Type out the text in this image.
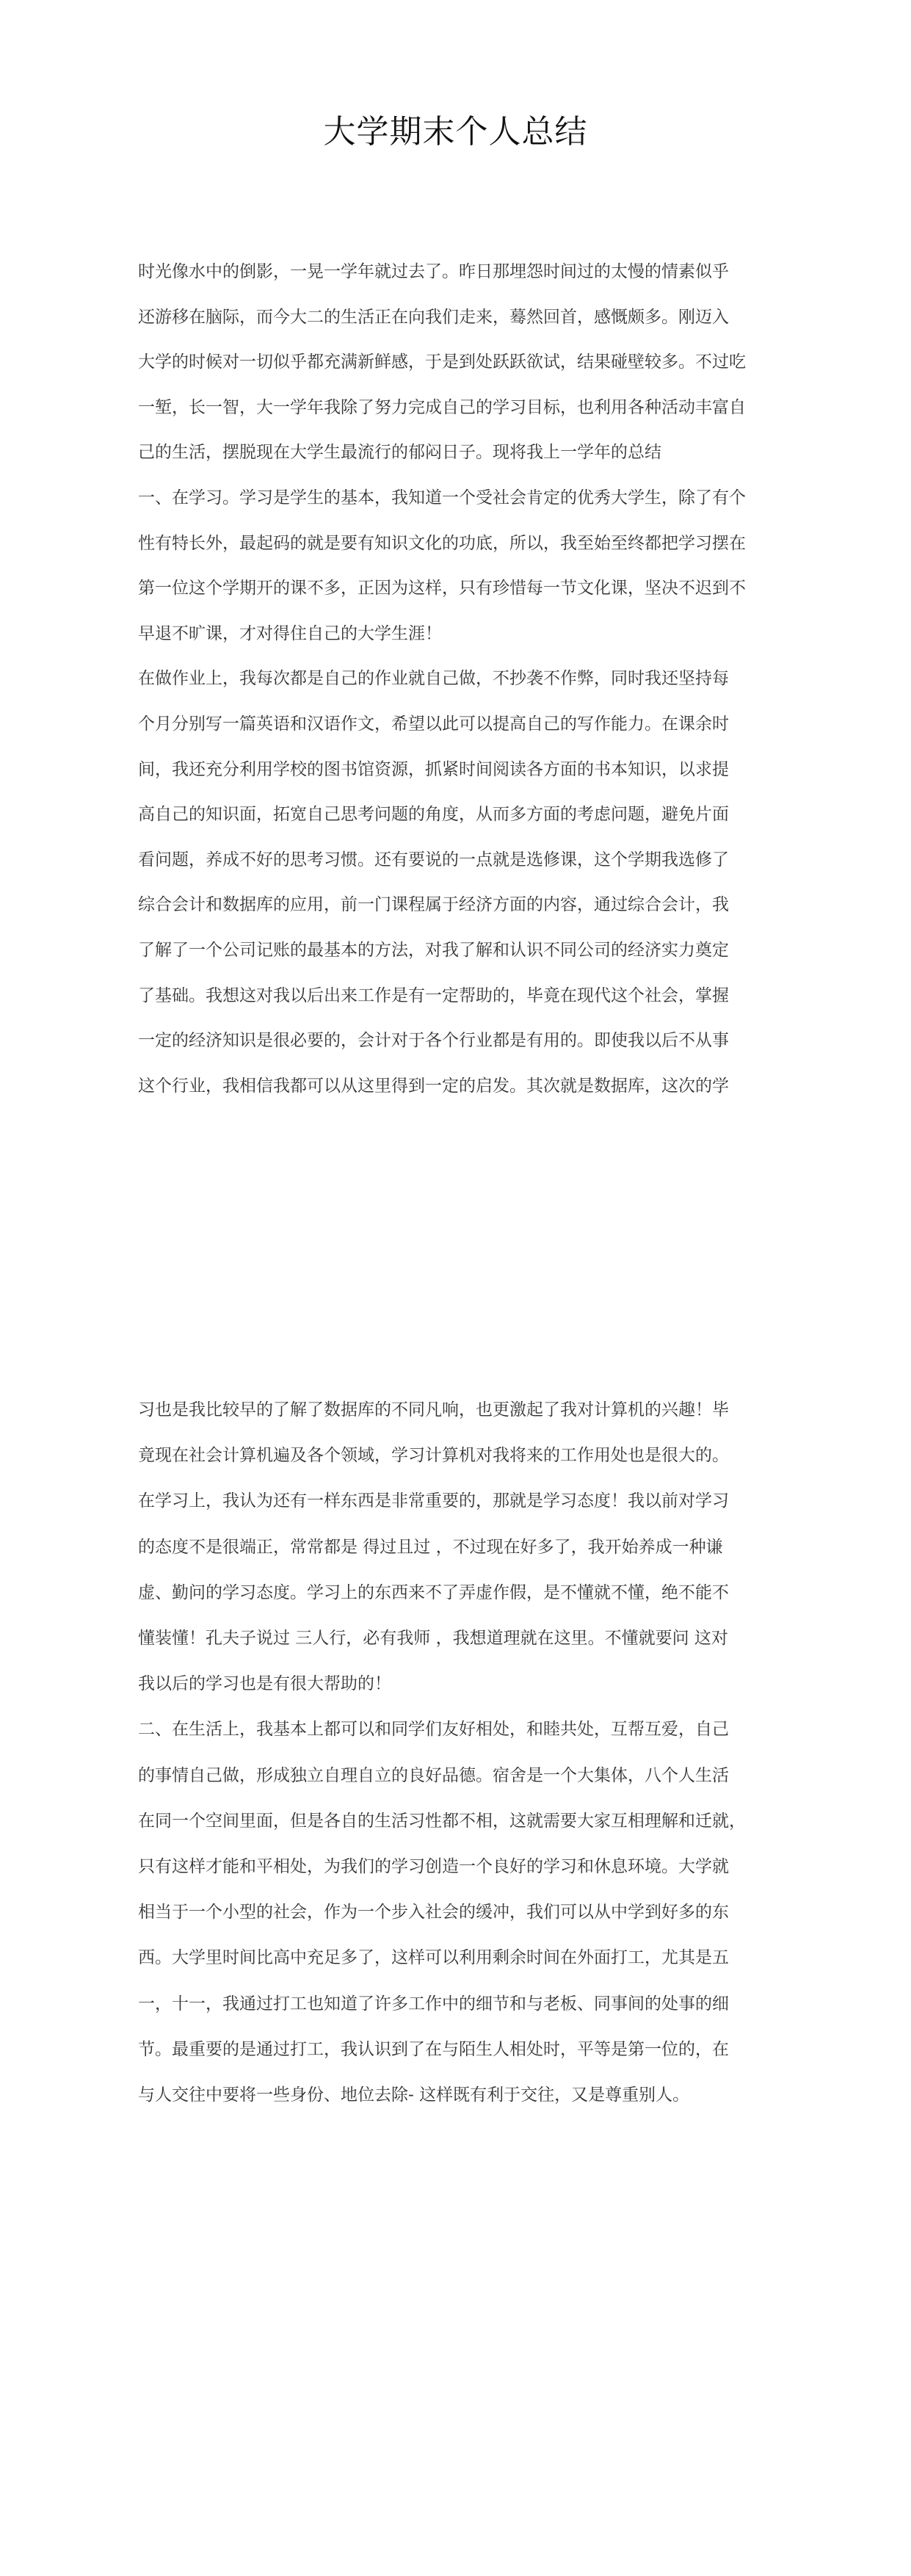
大学期末个人总结
时光像水中的倒影，一晃一学年就过去了。昨日那埋怨时间过的太慢的情素似乎
还游移在脑际，而今大二的生活正在向我们走来，蓦然回首，感慨颇多。刚迈入
大学的时候对一切似乎都充满新鲜感，于是到处跃跃欲试，结果碰壁较多。不过吃
一堑，长一智，大一学年我除了努力完成自己的学习目标，也利用各种活动丰富自
己的生活，摆脱现在大学生最流行的郁闷日子。现将我上一学年的总结
一、在学习。学习是学生的基本，我知道一个受社会肯定的优秀大学生，除了有个
性有特长外，最起码的就是要有知识文化的功底，所以，我至始至终都把学习摆在
第一位这个学期开的课不多，正因为这样，只有珍惜每一节文化课，坚决不迟到不
早退不旷课，才对得住自己的大学生涯！
在做作业上，我每次都是自己的作业就自己做，不抄袭不作弊，同时我还坚持每
个月分别写一篇英语和汉语作文，希望以此可以提高自己的写作能力。在课余时
间，我还充分利用学校的图书馆资源，抓紧时间阅读各方面的书本知识，以求提
高自己的知识面，拓宽自己思考问题的角度，从而多方面的考虑问题，避免片面
看问题，养成不好的思考习惯。还有要说的一点就是选修课，这个学期我选修了
综合会计和数据库的应用，前一门课程属于经济方面的内容，通过综合会计，我
了解了一个公司记账的最基本的方法，对我了解和认识不同公司的经济实力奠定
了基础。我想这对我以后出来工作是有一定帮助的，毕竟在现代这个社会，掌握
一定的经济知识是很必要的，会计对于各个行业都是有用的。即使我以后不从事
这个行业，我相信我都可以从这里得到一定的启发。其次就是数据库，这次的学
习也是我比较早的了解了数据库的不同凡响，也更激起了我对计算机的兴趣！毕
竟现在社会计算机遍及各个领域，学习计算机对我将来的工作用处也是很大的。
在学习上，我认为还有一样东西是非常重要的，那就是学习态度！我以前对学习
的态度不是很端正，常常都是 得过且过 ，不过现在好多了，我开始养成一种谦
虚、勤问的学习态度。学习上的东西来不了弄虚作假，是不懂就不懂，绝不能不
懂装懂！孔夫子说过 三人行，必有我师 ，我想道理就在这里。不懂就要问 这对
我以后的学习也是有很大帮助的！
二、在生活上，我基本上都可以和同学们友好相处，和睦共处，互帮互爱，自己
的事情自己做，形成独立自理自立的良好品德。宿舍是一个大集体，八个人生活
在同一个空间里面，但是各自的生活习性都不相，这就需要大家互相理解和迁就，
只有这样才能和平相处，为我们的学习创造一个良好的学习和休息环境。大学就
相当于一个小型的社会，作为一个步入社会的缓冲，我们可以从中学到好多的东
西。大学里时间比高中充足多了，这样可以利用剩余时间在外面打工，尤其是五
一，十一，我通过打工也知道了许多工作中的细节和与老板、同事间的处事的细
节。最重要的是通过打工，我认识到了在与陌生人相处时，平等是第一位的，在
与人交往中要将一些身份、地位去除- 这样既有利于交往，又是尊重别人。
